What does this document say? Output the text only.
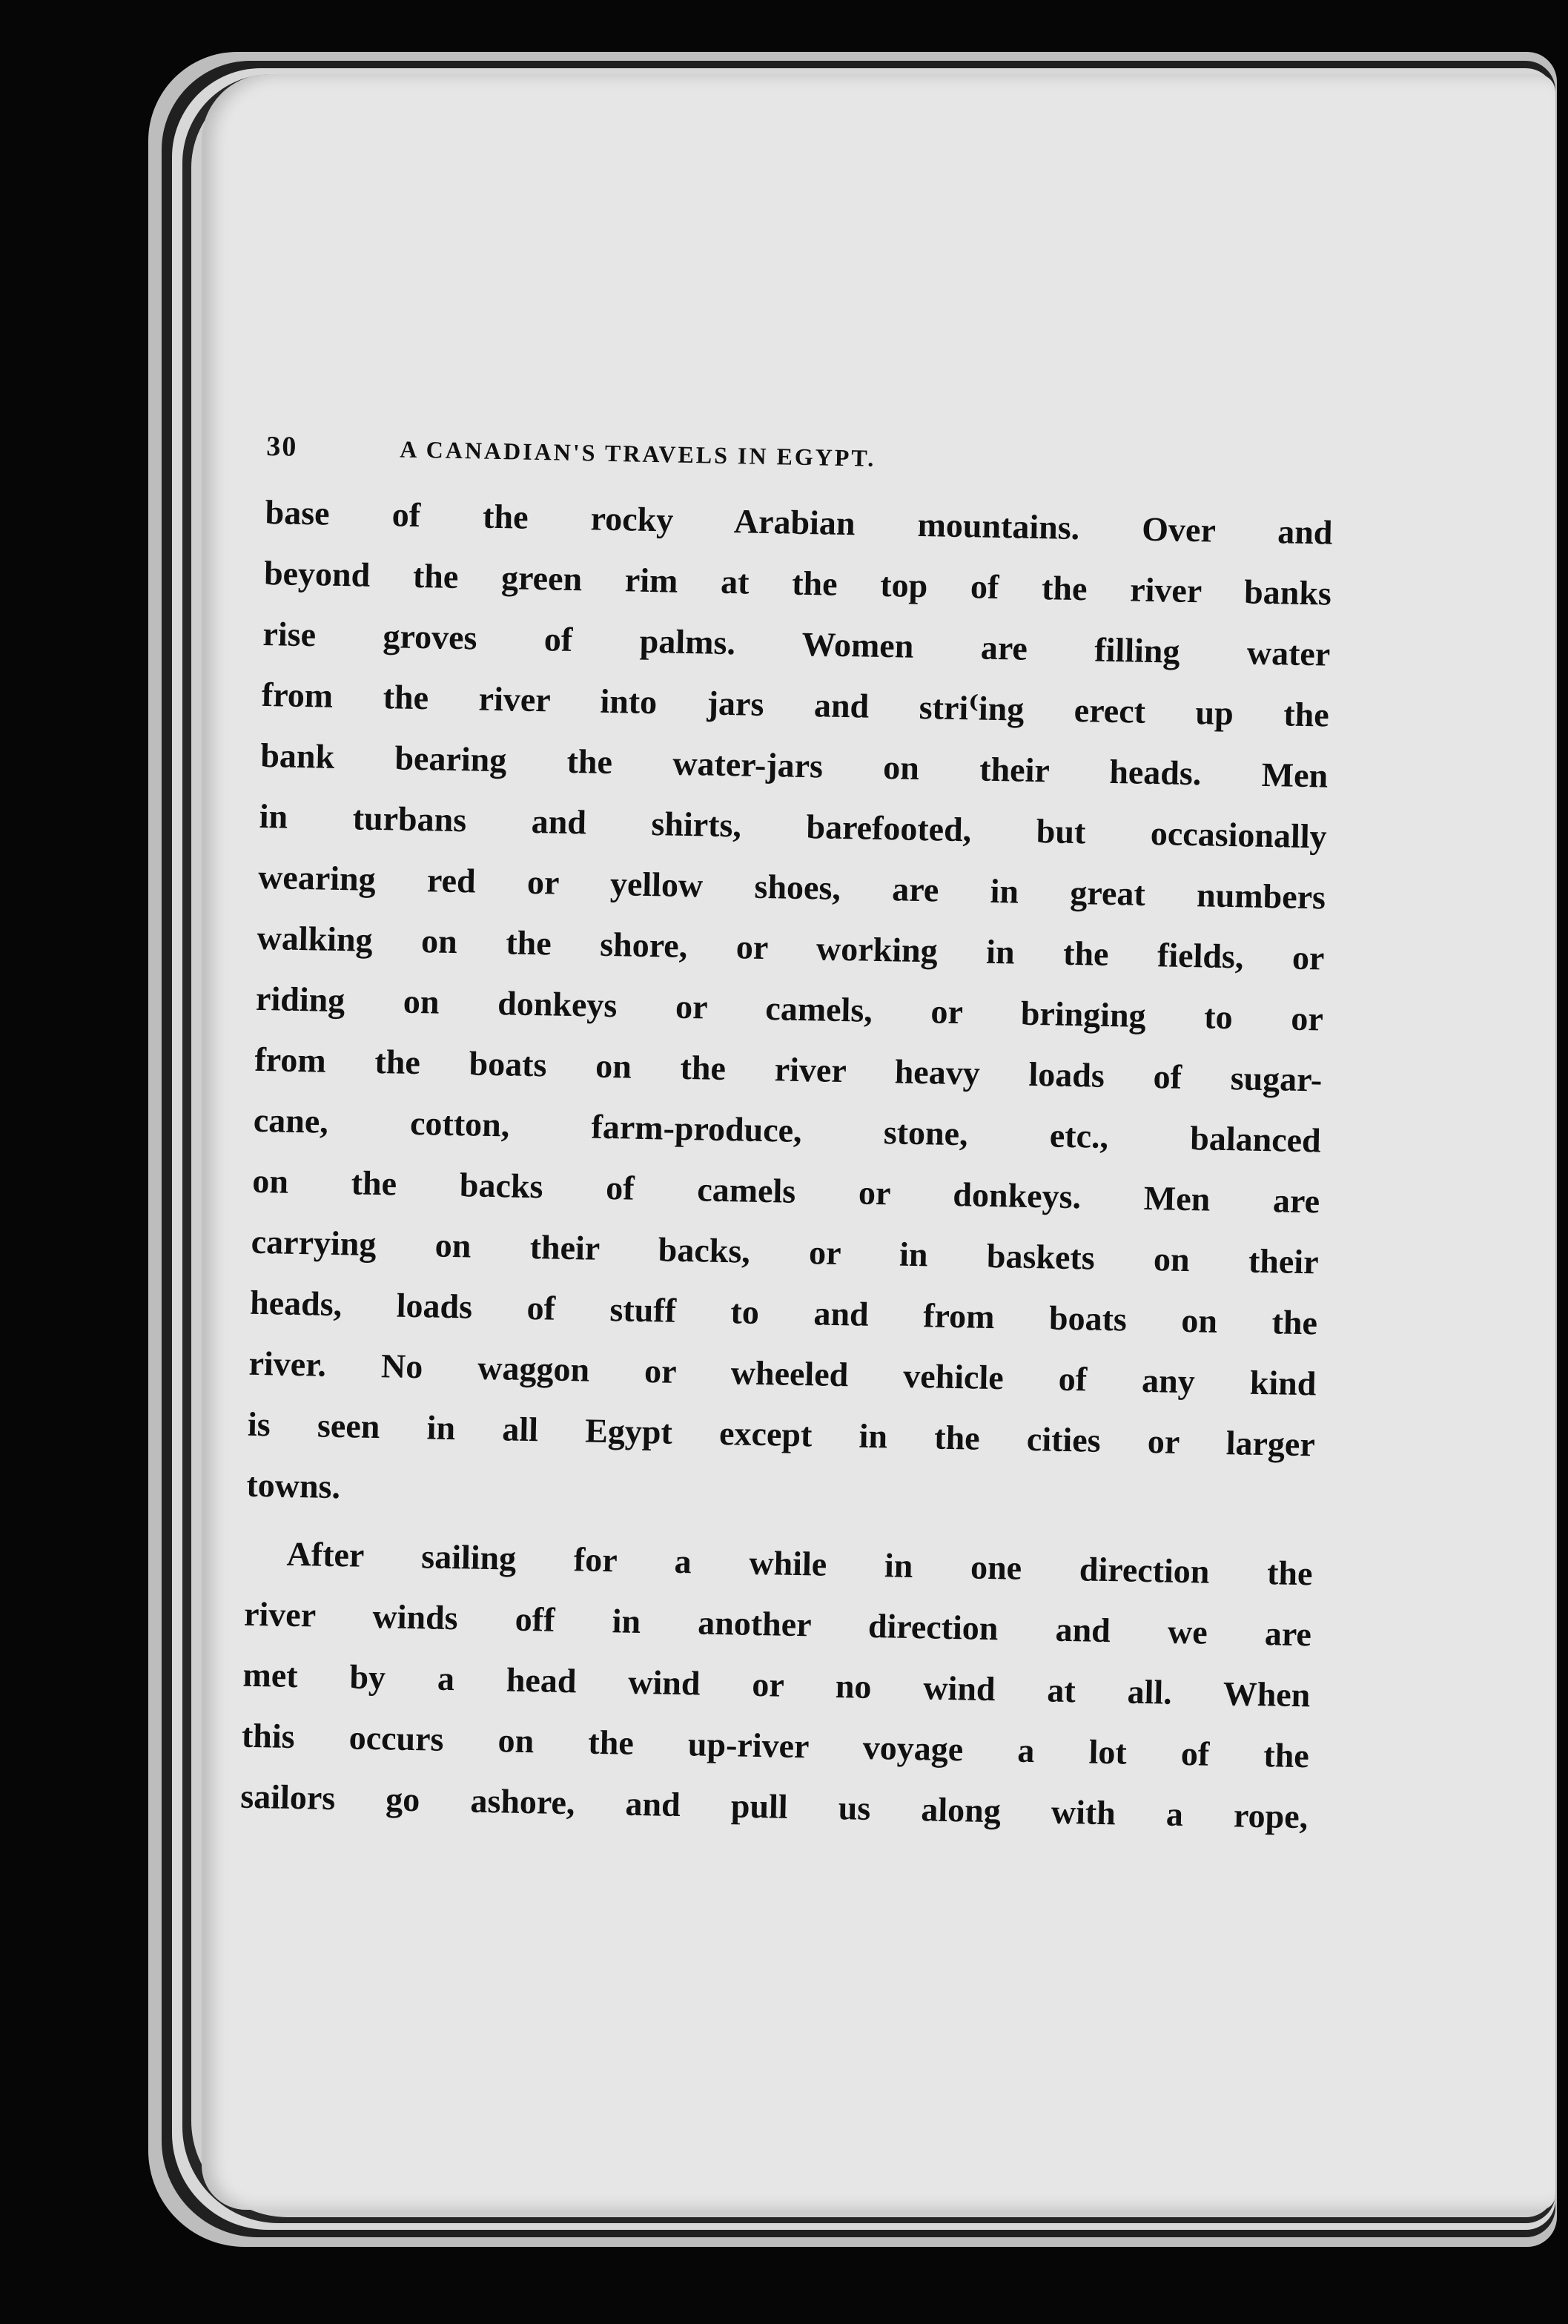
30	A CANADIAN'S TRAVELS IN EGYPT.

base of the rocky Arabian mountains. Over and
beyond the green rim at the top of the river banks
rise groves of palms. Women are filling water
from the river into jars and stri⁽ing erect up the
bank bearing the water-jars on their heads. Men
in turbans and shirts, barefooted, but occasionally
wearing red or yellow shoes, are in great numbers
walking on the shore, or working in the fields, or
riding on donkeys or camels, or bringing to or
from the boats on the river heavy loads of sugar-
cane, cotton, farm-produce, stone, etc., balanced
on the backs of camels or donkeys. Men are
carrying on their backs, or in baskets on their
heads, loads of stuff to and from boats on the
river. No waggon or wheeled vehicle of any kind
is seen in all Egypt except in the cities or larger
towns.

After sailing for a while in one direction the
river winds off in another direction and we are
met by a head wind or no wind at all. When
this occurs on the up-river voyage a lot of the
sailors go ashore, and pull us along with a rope,
